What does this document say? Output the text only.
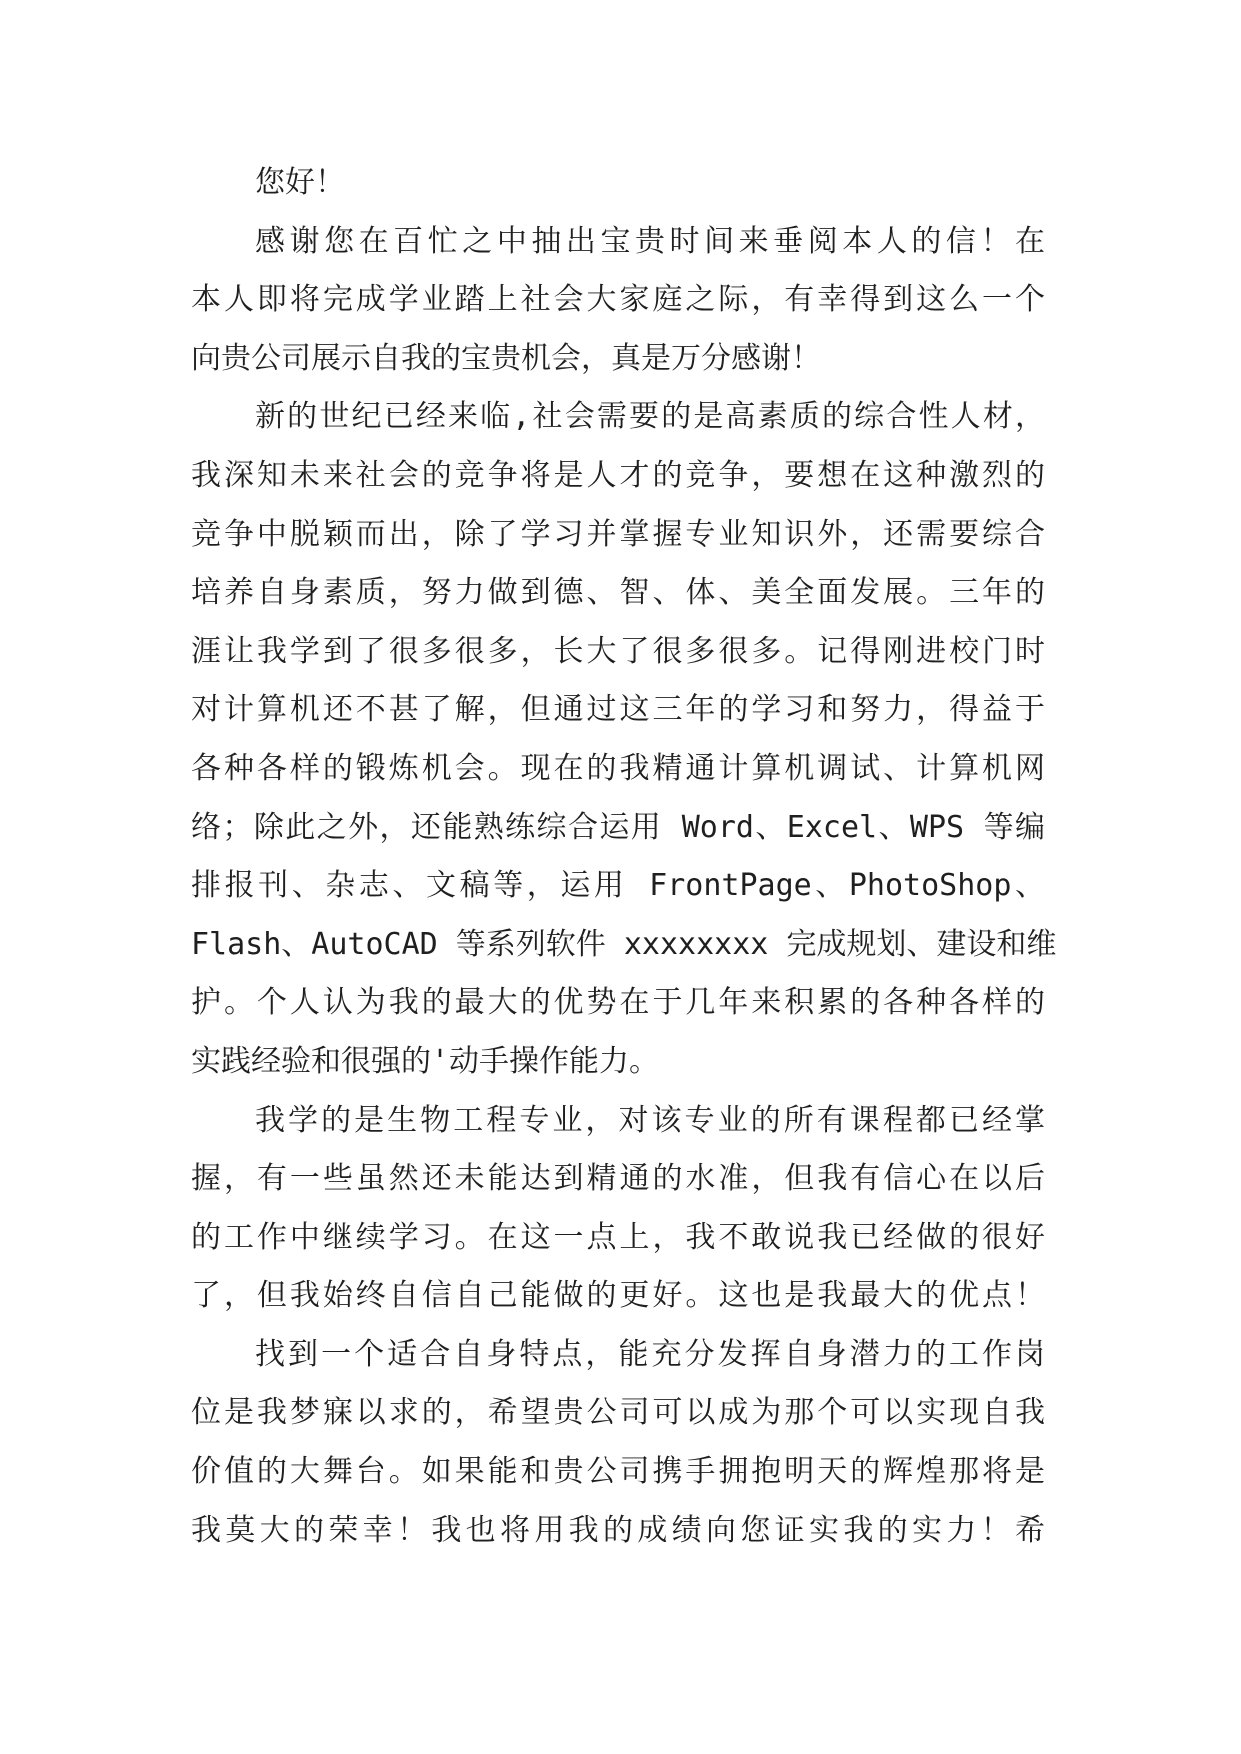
您好！
感谢您在百忙之中抽出宝贵时间来垂阅本人的信！在
本人即将完成学业踏上社会大家庭之际，有幸得到这么一个
向贵公司展示自我的宝贵机会，真是万分感谢！
新的世纪已经来临,社会需要的是高素质的综合性人材，
我深知未来社会的竞争将是人才的竞争，要想在这种激烈的
竞争中脱颖而出，除了学习并掌握专业知识外，还需要综合
培养自身素质，努力做到德、智、体、美全面发展。三年的
涯让我学到了很多很多，长大了很多很多。记得刚进校门时
对计算机还不甚了解，但通过这三年的学习和努力，得益于
各种各样的锻炼机会。现在的我精通计算机调试、计算机网
络；除此之外，还能熟练综合运用 Word、Excel、WPS 等编
排报刊、杂志、文稿等，运用 FrontPage、PhotoShop、
Flash、AutoCAD 等系列软件 xxxxxxxx 完成规划、建设和维
护。个人认为我的最大的优势在于几年来积累的各种各样的
实践经验和很强的'动手操作能力。
我学的是生物工程专业，对该专业的所有课程都已经掌
握，有一些虽然还未能达到精通的水准，但我有信心在以后
的工作中继续学习。在这一点上，我不敢说我已经做的很好
了，但我始终自信自己能做的更好。这也是我最大的优点！
找到一个适合自身特点，能充分发挥自身潜力的工作岗
位是我梦寐以求的，希望贵公司可以成为那个可以实现自我
价值的大舞台。如果能和贵公司携手拥抱明天的辉煌那将是
我莫大的荣幸！我也将用我的成绩向您证实我的实力！希
